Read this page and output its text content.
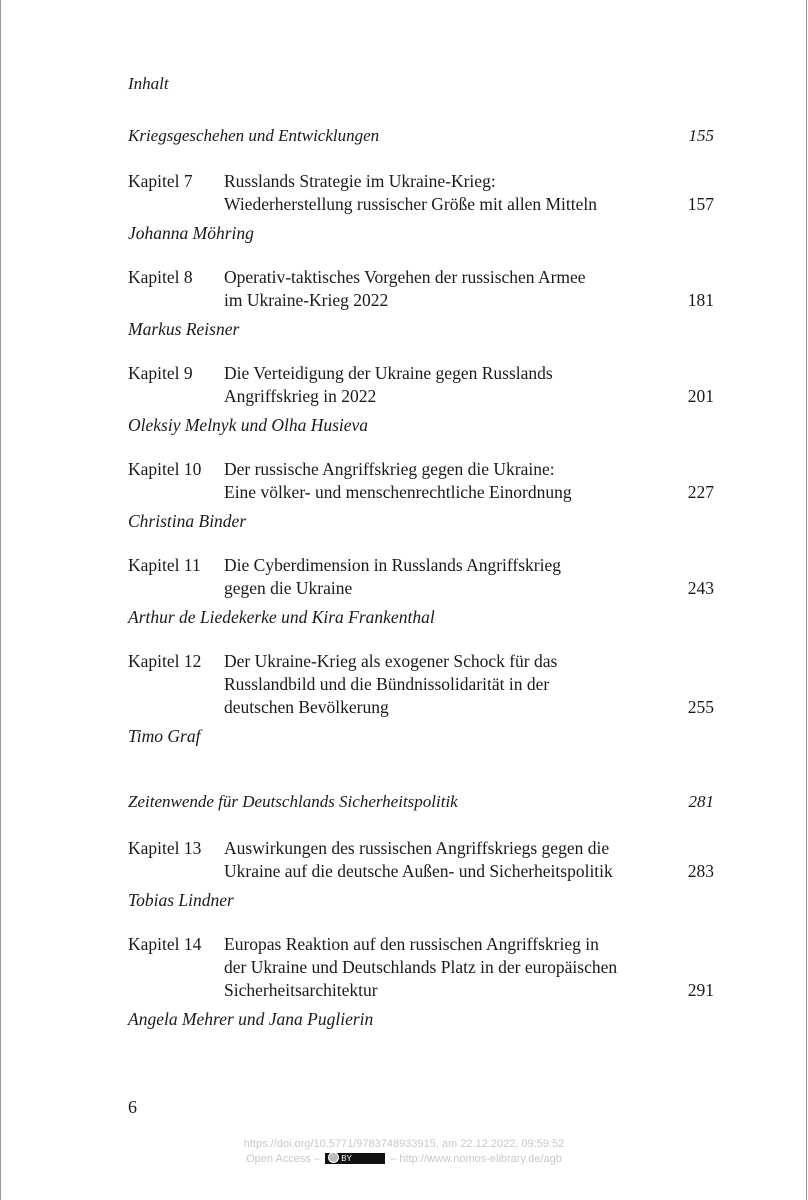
Inhalt
Kriegsgeschehen und Entwicklungen	155
Kapitel 7	Russlands Strategie im Ukraine-Krieg:
Wiederherstellung russischer Größe mit allen Mitteln	157
Johanna Möhring
Kapitel 8	Operativ-taktisches Vorgehen der russischen Armee
im Ukraine-Krieg 2022	181
Markus Reisner
Kapitel 9	Die Verteidigung der Ukraine gegen Russlands
Angriffskrieg in 2022	201
Oleksiy Melnyk und Olha Husieva
Kapitel 10	Der russische Angriffskrieg gegen die Ukraine:
Eine völker- und menschenrechtliche Einordnung	227
Christina Binder
Kapitel 11	Die Cyberdimension in Russlands Angriffskrieg
gegen die Ukraine	243
Arthur de Liedekerke und Kira Frankenthal
Kapitel 12	Der Ukraine-Krieg als exogener Schock für das
Russlandbild und die Bündnissolidarität in der
deutschen Bevölkerung	255
Timo Graf
Zeitenwende für Deutschlands Sicherheitspolitik	281
Kapitel 13	Auswirkungen des russischen Angriffskriegs gegen die
Ukraine auf die deutsche Außen- und Sicherheitspolitik	283
Tobias Lindner
Kapitel 14	Europas Reaktion auf den russischen Angriffskrieg in
der Ukraine und Deutschlands Platz in der europäischen
Sicherheitsarchitektur	291
Angela Mehrer und Jana Puglierin
6
https://doi.org/10.5771/9783748933915, am 22.12.2022, 09:59:52
Open Access –	BY	– http://www.nomos-elibrary.de/agb
